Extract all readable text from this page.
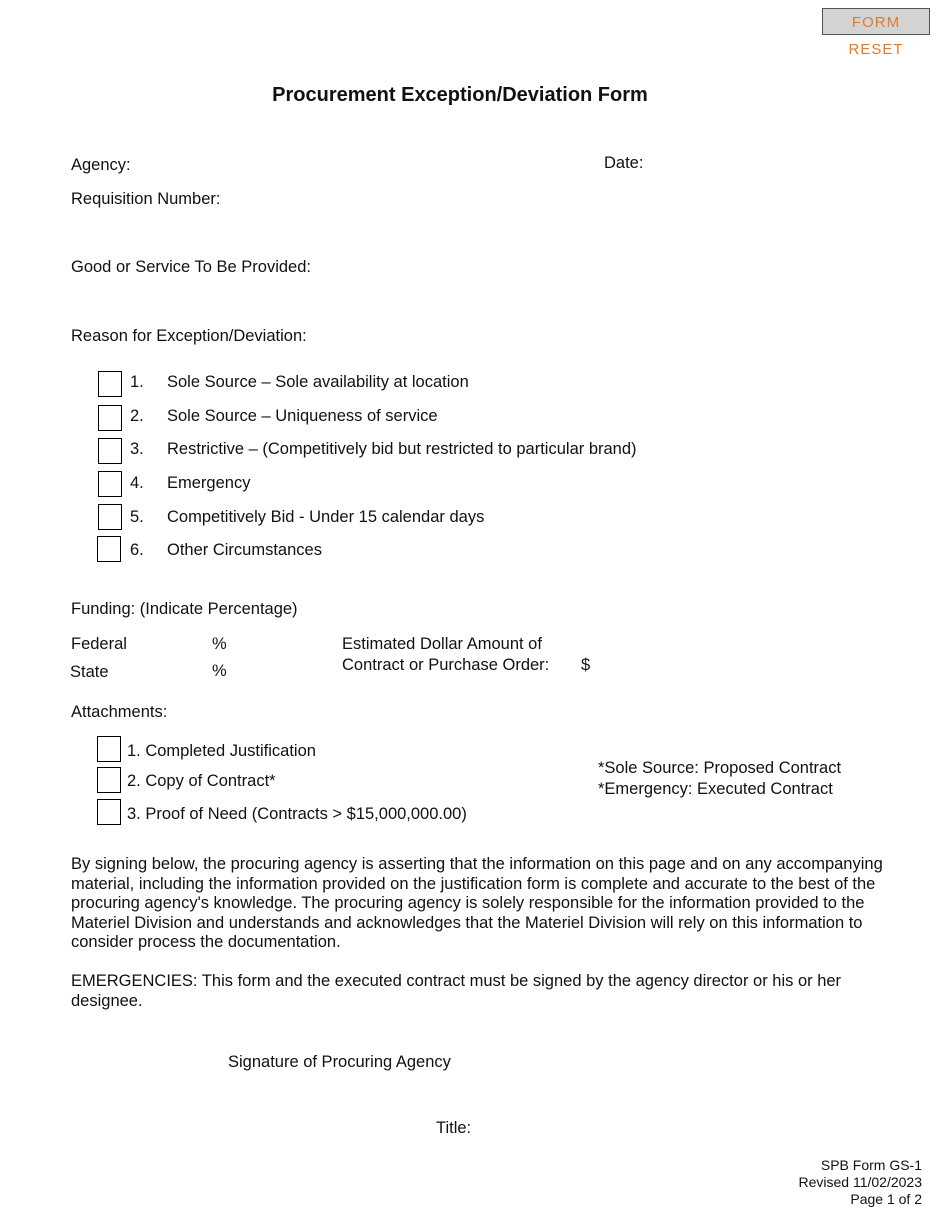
FORM RESET
Procurement Exception/Deviation Form
Agency:	Date:
Requisition Number:
Good or Service To Be Provided:
Reason for Exception/Deviation:
1. Sole Source – Sole availability at location
2. Sole Source – Uniqueness of service
3. Restrictive – (Competitively bid but restricted to particular brand)
4. Emergency
5. Competitively Bid - Under 15 calendar days
6. Other Circumstances
Funding: (Indicate Percentage)
Federal	%
State	%
Estimated Dollar Amount of
Contract or Purchase Order: $
Attachments:
1. Completed Justification
2. Copy of Contract*
3. Proof of Need (Contracts > $15,000,000.00)
*Sole Source: Proposed Contract
*Emergency: Executed Contract
By signing below, the procuring agency is asserting that the information on this page and on any accompanying material, including the information provided on the justification form is complete and accurate to the best of the procuring agency's knowledge. The procuring agency is solely responsible for the information provided to the Materiel Division and understands and acknowledges that the Materiel Division will rely on this information to consider process the documentation.
EMERGENCIES: This form and the executed contract must be signed by the agency director or his or her designee.
Signature of Procuring Agency
Title:
SPB Form GS-1
Revised 11/02/2023
Page 1 of 2
